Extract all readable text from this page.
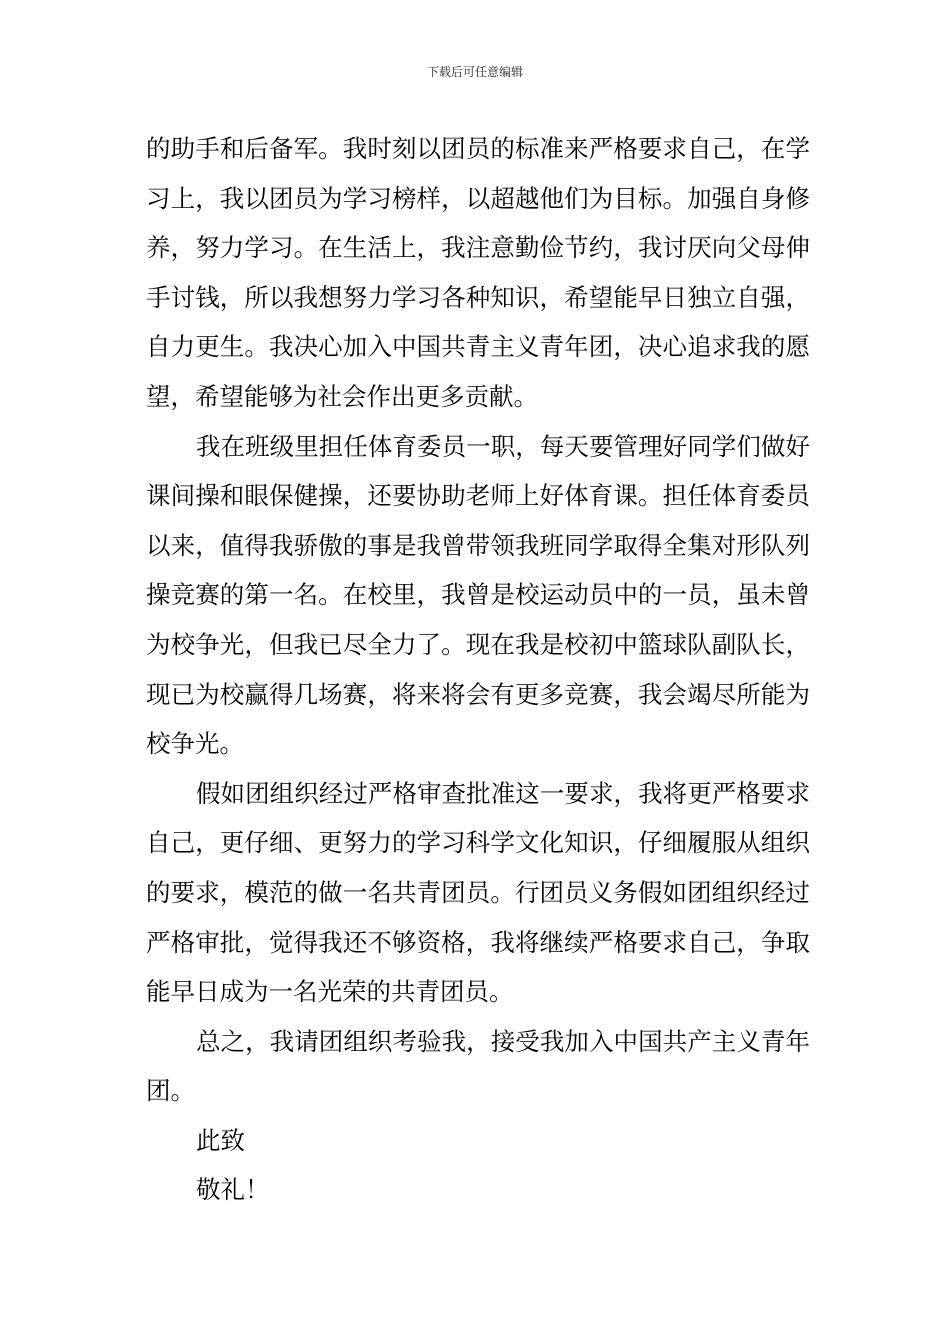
下载后可任意编辑

的助手和后备军。我时刻以团员的标准来严格要求自己，在学习上，我以团员为学习榜样，以超越他们为目标。加强自身修养，努力学习。在生活上，我注意勤俭节约，我讨厌向父母伸手讨钱，所以我想努力学习各种知识，希望能早日独立自强，自力更生。我决心加入中国共青主义青年团，决心追求我的愿望，希望能够为社会作出更多贡献。

我在班级里担任体育委员一职，每天要管理好同学们做好课间操和眼保健操，还要协助老师上好体育课。担任体育委员以来，值得我骄傲的事是我曾带领我班同学取得全集对形队列操竞赛的第一名。在校里，我曾是校运动员中的一员，虽未曾为校争光，但我已尽全力了。现在我是校初中篮球队副队长，现已为校赢得几场赛，将来将会有更多竞赛，我会竭尽所能为校争光。

假如团组织经过严格审查批准这一要求，我将更严格要求自己，更仔细、更努力的学习科学文化知识，仔细履服从组织的要求，模范的做一名共青团员。行团员义务假如团组织经过严格审批，觉得我还不够资格，我将继续严格要求自己，争取能早日成为一名光荣的共青团员。

总之，我请团组织考验我，接受我加入中国共产主义青年团。

此致

敬礼！
